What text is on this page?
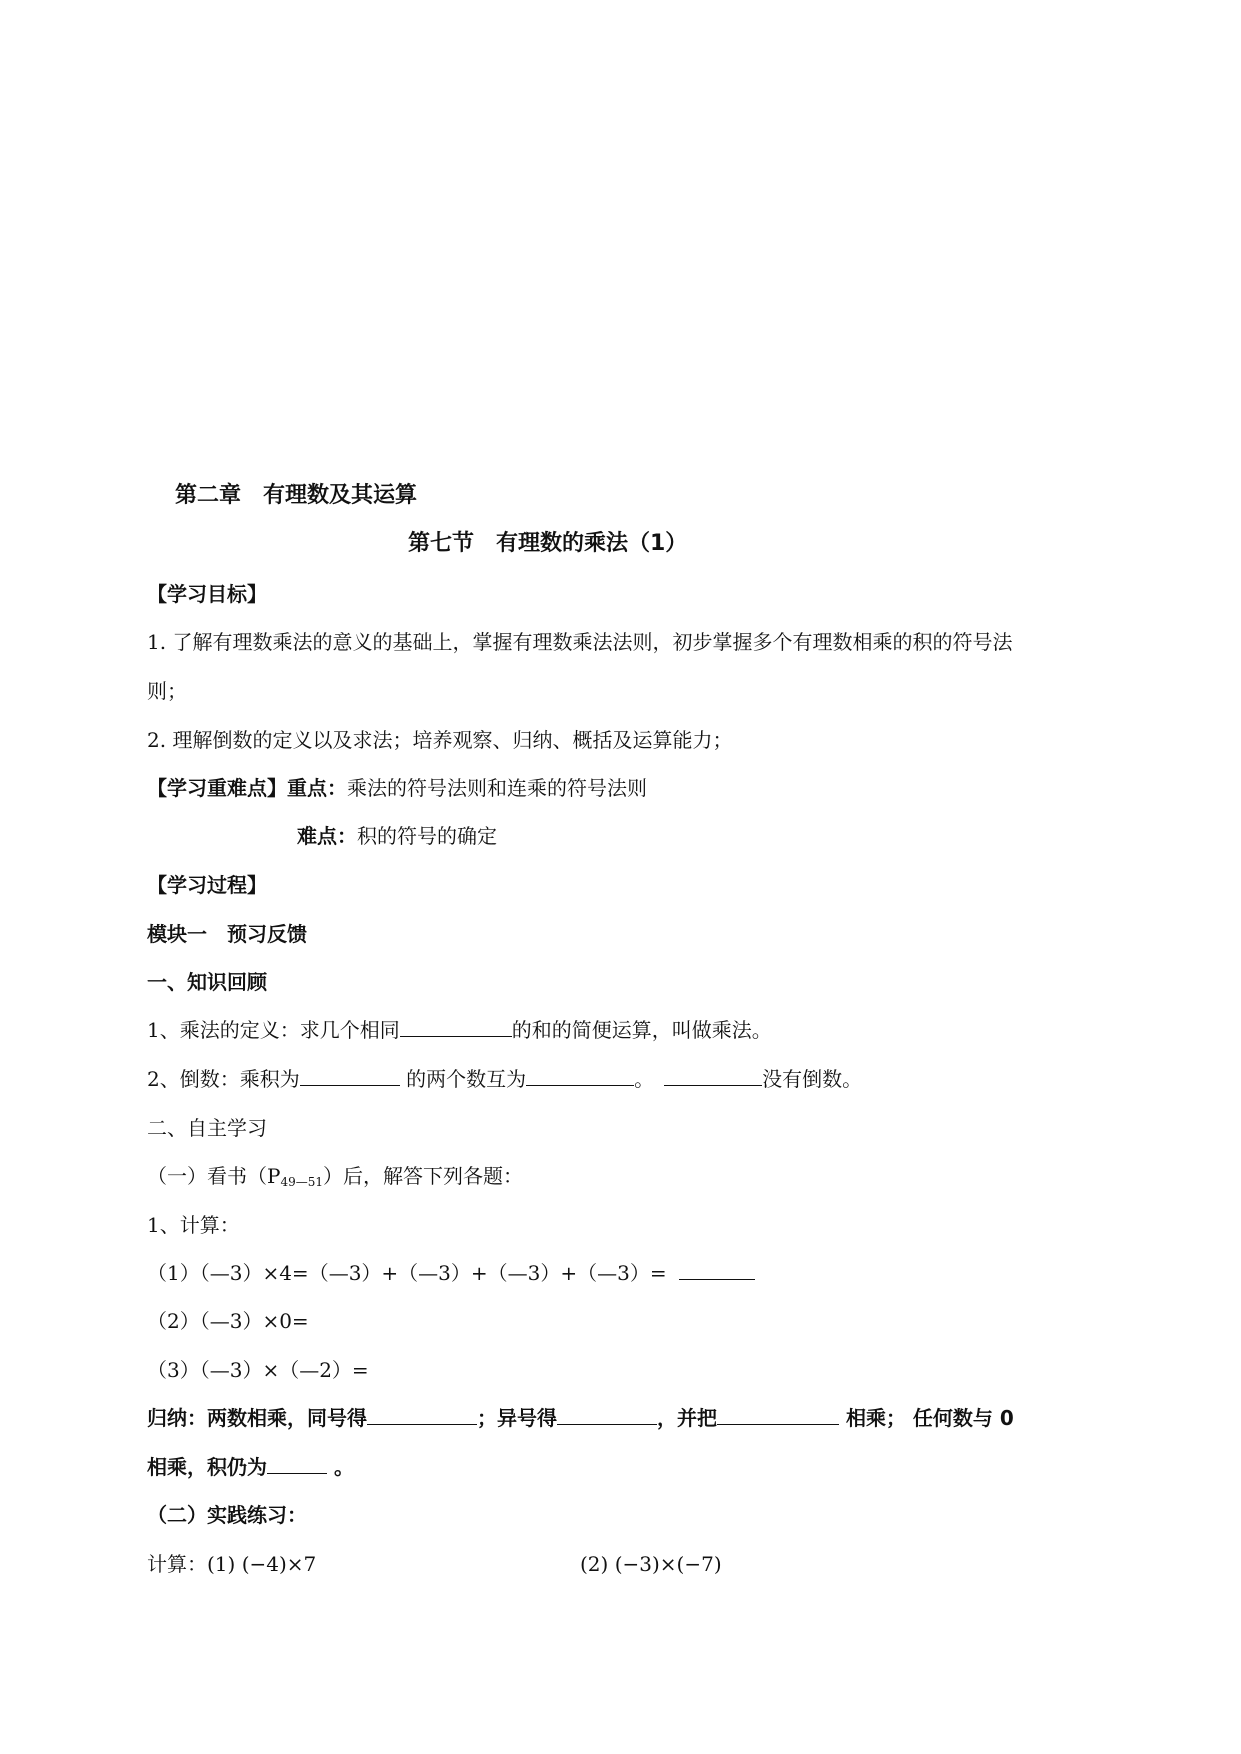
第二章　有理数及其运算
第七节　有理数的乘法（1）
【学习目标】
1. 了解有理数乘法的意义的基础上，掌握有理数乘法法则，初步掌握多个有理数相乘的积的符号法
则；
2. 理解倒数的定义以及求法；培养观察、归纳、概括及运算能力；
【学习重难点】重点：乘法的符号法则和连乘的符号法则
难点：积的符号的确定
【学习过程】
模块一　预习反馈
一、知识回顾
1、乘法的定义：求几个相同	的和的简便运算，叫做乘法。
2、倒数：乘积为	的两个数互为	。	没有倒数。
二、自主学习
（一）看书$(P_{49—51})$后，解答下列各题：
1、计算：
（1）（—3）×4=（—3）+（—3）+（—3）+（—3）=
（2）（—3）×0=
（3）（—3）×（—2）=
归纳：两数相乘，同号得	；异号得	，并把	相乘； 任何数与 0
相乘，积仍为	。
（二）实践练习：
计算：(1) (−4)×7	(2) (−3)×(−7)
